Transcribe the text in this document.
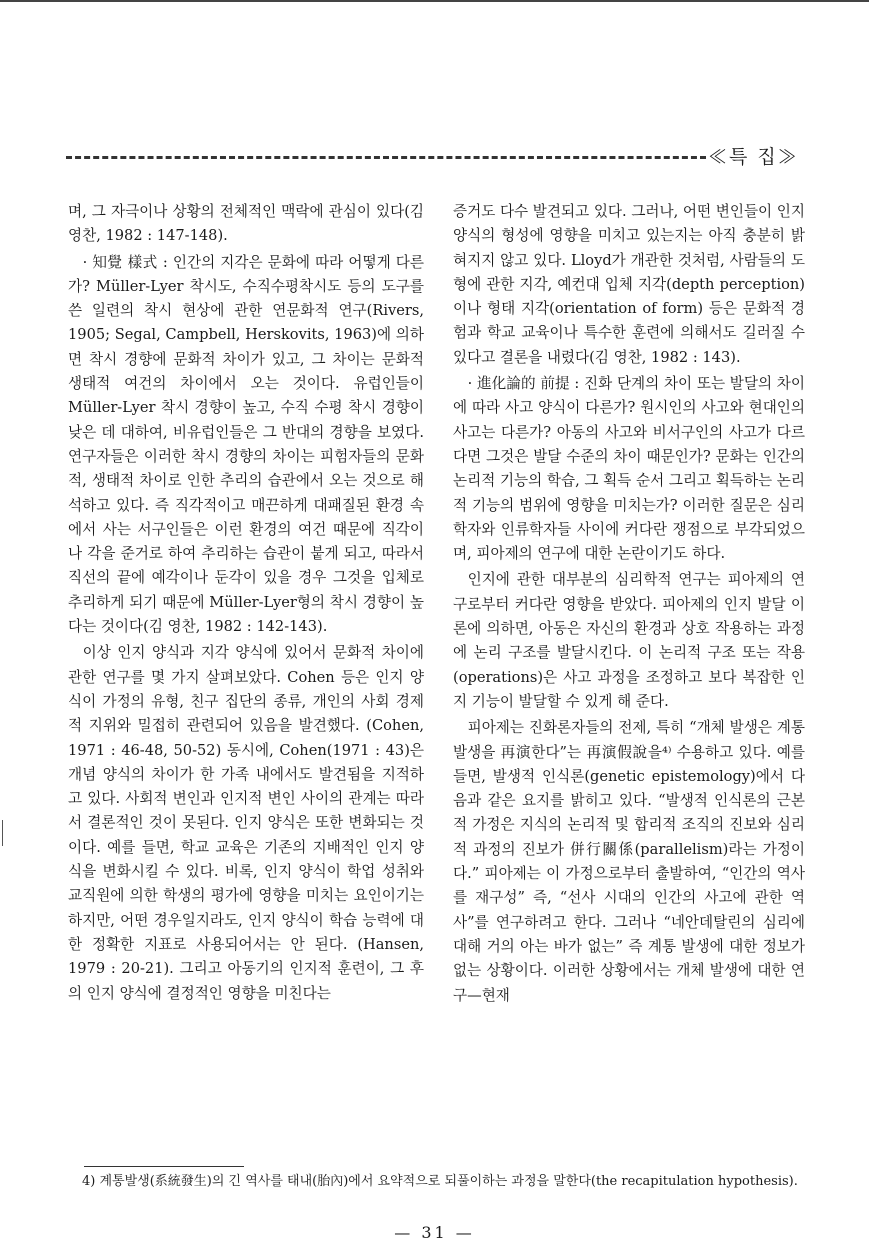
≪특 집≫

며, 그 자극이나 상황의 전체적인 맥락에 관심이 있다(김 영찬, 1982 : 147-148).

· 知覺 樣式 : 인간의 지각은 문화에 따라 어떻게 다른가? Müller-Lyer 착시도, 수직수평착시도 등의 도구를 쓴 일련의 착시 현상에 관한 연문화적 연구(Rivers, 1905; Segal, Campbell, Herskovits, 1963)에 의하면 착시 경향에 문화적 차이가 있고, 그 차이는 문화적 생태적 여건의 차이에서 오는 것이다. 유럽인들이 Müller-Lyer 착시 경향이 높고, 수직 수평 착시 경향이 낮은 데 대하여, 비유럽인들은 그 반대의 경향을 보였다. 연구자들은 이러한 착시 경향의 차이는 피험자들의 문화적, 생태적 차이로 인한 추리의 습관에서 오는 것으로 해석하고 있다. 즉 직각적이고 매끈하게 대패질된 환경 속에서 사는 서구인들은 이런 환경의 여건 때문에 직각이나 각을 준거로 하여 추리하는 습관이 붙게 되고, 따라서 직선의 끝에 예각이나 둔각이 있을 경우 그것을 입체로 추리하게 되기 때문에 Müller-Lyer형의 착시 경향이 높다는 것이다(김 영찬, 1982 : 142-143).

이상 인지 양식과 지각 양식에 있어서 문화적 차이에 관한 연구를 몇 가지 살펴보았다. Cohen 등은 인지 양식이 가정의 유형, 친구 집단의 종류, 개인의 사회 경제적 지위와 밀접히 관련되어 있음을 발견했다. (Cohen, 1971 : 46-48, 50-52) 동시에, Cohen(1971 : 43)은 개념 양식의 차이가 한 가족 내에서도 발견됨을 지적하고 있다. 사회적 변인과 인지적 변인 사이의 관계는 따라서 결론적인 것이 못된다. 인지 양식은 또한 변화되는 것이다. 예를 들면, 학교 교육은 기존의 지배적인 인지 양식을 변화시킬 수 있다. 비록, 인지 양식이 학업 성취와 교직원에 의한 학생의 평가에 영향을 미치는 요인이기는 하지만, 어떤 경우일지라도, 인지 양식이 학습 능력에 대한 정확한 지표로 사용되어서는 안 된다. (Hansen, 1979 : 20-21). 그리고 아동기의 인지적 훈련이, 그 후의 인지 양식에 결정적인 영향을 미친다는

증거도 다수 발견되고 있다. 그러나, 어떤 변인들이 인지 양식의 형성에 영향을 미치고 있는지는 아직 충분히 밝혀지지 않고 있다. Lloyd가 개관한 것처럼, 사람들의 도형에 관한 지각, 예컨대 입체 지각(depth perception)이나 형태 지각(orientation of form) 등은 문화적 경험과 학교 교육이나 특수한 훈련에 의해서도 길러질 수 있다고 결론을 내렸다(김 영찬, 1982 : 143).

· 進化論的 前提 : 진화 단계의 차이 또는 발달의 차이에 따라 사고 양식이 다른가? 원시인의 사고와 현대인의 사고는 다른가? 아동의 사고와 비서구인의 사고가 다르다면 그것은 발달 수준의 차이 때문인가? 문화는 인간의 논리적 기능의 학습, 그 획득 순서 그리고 획득하는 논리적 기능의 범위에 영향을 미치는가? 이러한 질문은 심리학자와 인류학자들 사이에 커다란 쟁점으로 부각되었으며, 피아제의 연구에 대한 논란이기도 하다.

인지에 관한 대부분의 심리학적 연구는 피아제의 연구로부터 커다란 영향을 받았다. 피아제의 인지 발달 이론에 의하면, 아동은 자신의 환경과 상호 작용하는 과정에 논리 구조를 발달시킨다. 이 논리적 구조 또는 작용(operations)은 사고 과정을 조정하고 보다 복잡한 인지 기능이 발달할 수 있게 해 준다.

피아제는 진화론자들의 전제, 특히 “개체 발생은 계통 발생을 再演한다”는 再演假說을⁴⁾ 수용하고 있다. 예를 들면, 발생적 인식론(genetic epistemology)에서 다음과 같은 요지를 밝히고 있다. “발생적 인식론의 근본적 가정은 지식의 논리적 및 합리적 조직의 진보와 심리적 과정의 진보가 併行關係(parallelism)라는 가정이다.” 피아제는 이 가정으로부터 출발하여, “인간의 역사를 재구성” 즉, “선사 시대의 인간의 사고에 관한 역사”를 연구하려고 한다. 그러나 “네안데탈린의 심리에 대해 거의 아는 바가 없는” 즉 계통 발생에 대한 정보가 없는 상황이다. 이러한 상황에서는 개체 발생에 대한 연구—현재

4) 계통발생(系統發生)의 긴 역사를 태내(胎內)에서 요약적으로 되풀이하는 과정을 말한다(the recapitulation hypothesis).
— 31 —
